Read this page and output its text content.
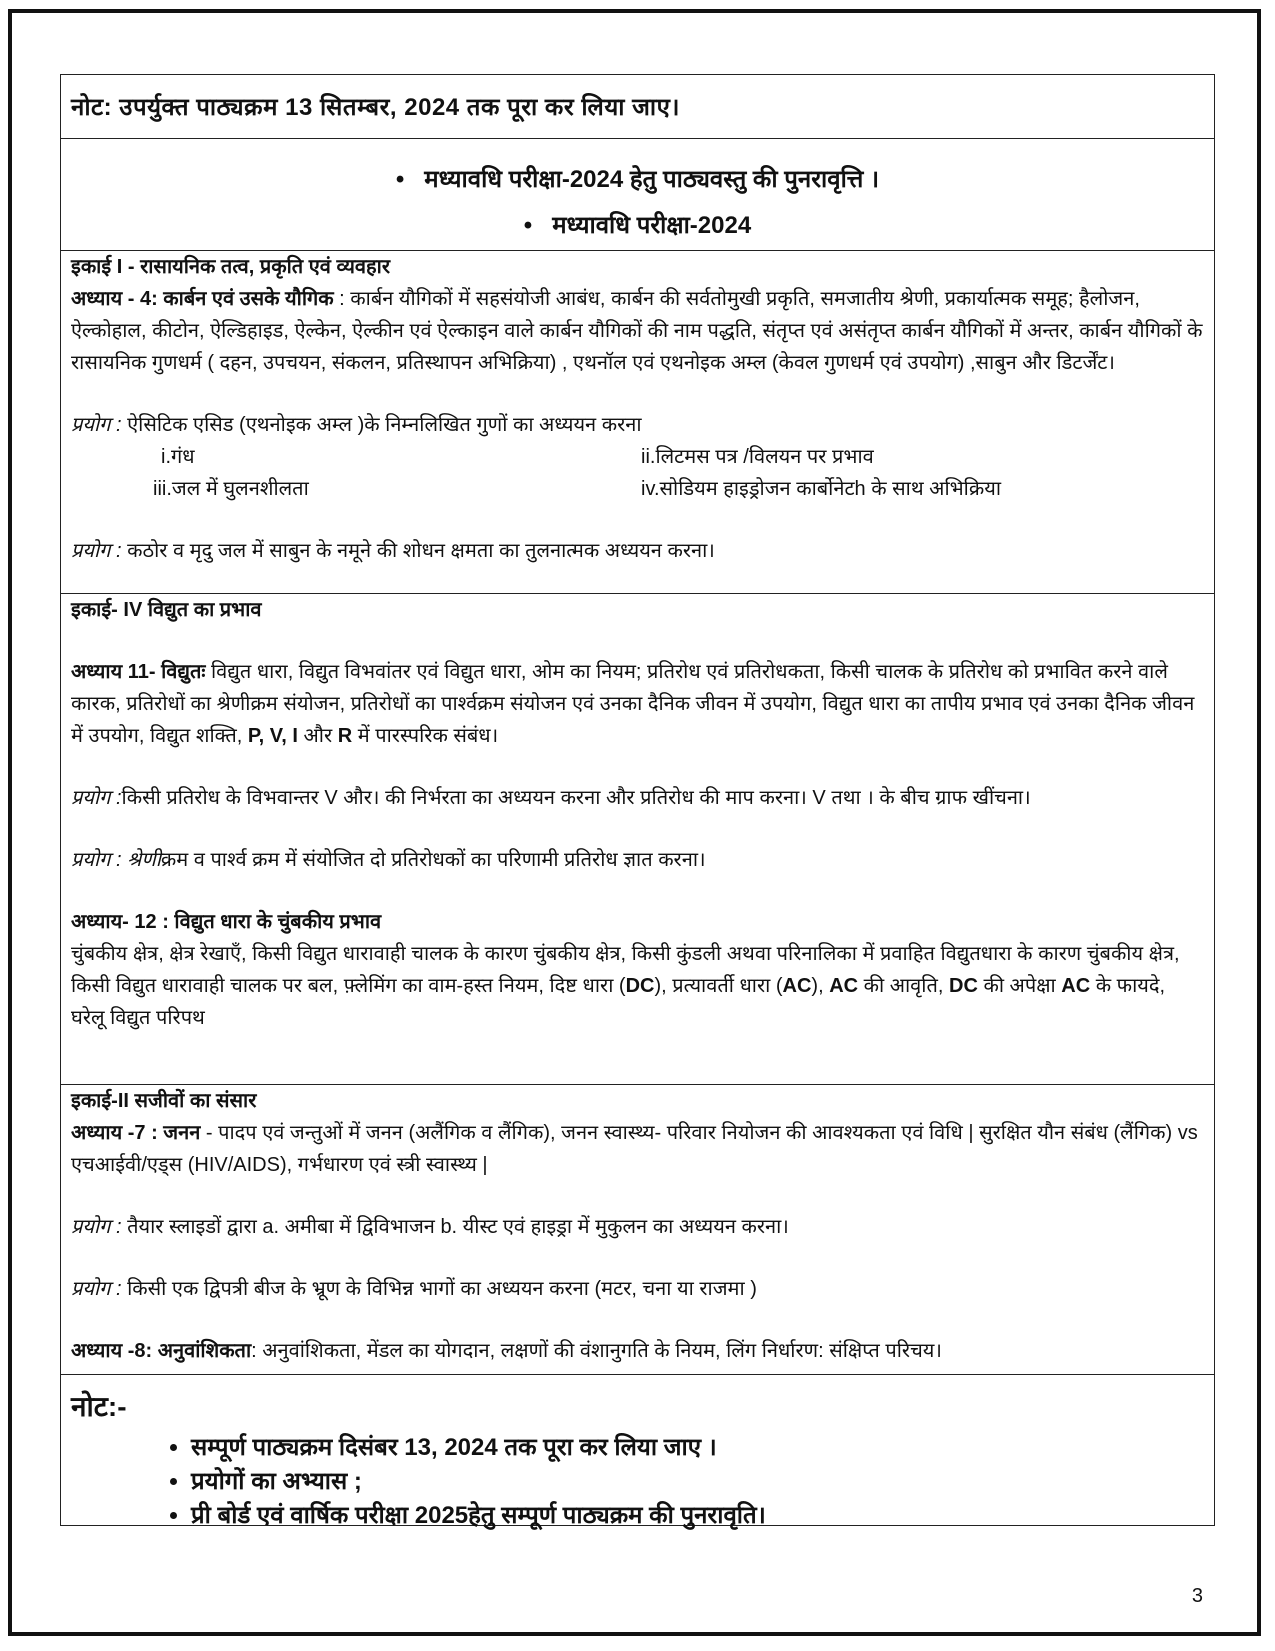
नोट: उपर्युक्त पाठ्यक्रम 13 सितम्बर, 2024 तक पूरा कर लिया जाए।
•   मध्यावधि परीक्षा-2024 हेतु पाठ्यवस्तु की पुनरावृत्ति ।
•   मध्यावधि परीक्षा-2024

इकाई I - रासायनिक तत्व, प्रकृति एवं व्यवहार

अध्याय - 4: कार्बन एवं उसके यौगिक : कार्बन यौगिकों में सहसंयोजी आबंध, कार्बन की सर्वतोमुखी प्रकृति, समजातीय श्रेणी, प्रकार्यात्मक समूह; हैलोजन, ऐल्कोहाल, कीटोन, ऐल्डिहाइड, ऐल्केन, ऐल्कीन एवं ऐल्काइन वाले कार्बन यौगिकों की नाम पद्धति, संतृप्त एवं असंतृप्त कार्बन यौगिकों में अन्तर, कार्बन यौगिकों के रासायनिक गुणधर्म ( दहन, उपचयन, संकलन, प्रतिस्थापन अभिक्रिया) , एथनॉल एवं एथनोइक अम्ल (केवल गुणधर्म एवं उपयोग) ,साबुन और डिटर्जेंट।

प्रयोग : ऐसिटिक एसिड (एथनोइक अम्ल )के निम्नलिखित गुणों का अध्ययन करना

i.गंध	ii.लिटमस पत्र /विलयन पर प्रभाव
iii.जल में घुलनशीलता	iv.सोडियम हाइड्रोजन कार्बोनेटh के साथ अभिक्रिया

प्रयोग : कठोर व मृदु जल में साबुन के नमूने की शोधन क्षमता का तुलनात्मक अध्ययन करना।

इकाई- IV विद्युत का प्रभाव

अध्याय 11- विद्युतः विद्युत धारा, विद्युत विभवांतर एवं विद्युत धारा, ओम का नियम; प्रतिरोध एवं प्रतिरोधकता, किसी चालक के प्रतिरोध को प्रभावित करने वाले कारक, प्रतिरोधों का श्रेणीक्रम संयोजन, प्रतिरोधों का पार्श्वक्रम संयोजन एवं उनका दैनिक जीवन में उपयोग, विद्युत धारा का तापीय प्रभाव एवं उनका दैनिक जीवन में उपयोग, विद्युत शक्ति, P, V, I और R में पारस्परिक संबंध।

प्रयोग :किसी प्रतिरोध के विभवान्तर V और। की निर्भरता का अध्ययन करना और प्रतिरोध की माप करना। V तथा । के बीच ग्राफ खींचना।

प्रयोग : श्रेणीक्रम व पार्श्व क्रम में संयोजित दो प्रतिरोधकों का परिणामी प्रतिरोध ज्ञात करना।

अध्याय- 12 : विद्युत धारा के चुंबकीय प्रभाव

चुंबकीय क्षेत्र, क्षेत्र रेखाएँ, किसी विद्युत धारावाही चालक के कारण चुंबकीय क्षेत्र, किसी कुंडली अथवा परिनालिका में प्रवाहित विद्युतधारा के कारण चुंबकीय क्षेत्र, किसी विद्युत धारावाही चालक पर बल, फ़्लेमिंग का वाम-हस्त नियम, दिष्ट धारा (DC), प्रत्यावर्ती धारा (AC), AC की आवृति, DC की अपेक्षा AC के फायदे, घरेलू विद्युत परिपथ

इकाई-II सजीवों का संसार

अध्याय -7 : जनन - पादप एवं जन्तुओं में जनन (अलैंगिक व लैंगिक), जनन स्वास्थ्य- परिवार नियोजन की आवश्यकता एवं विधि | सुरक्षित यौन संबंध (लैंगिक) vs एचआईवी/एड्स (HIV/AIDS), गर्भधारण एवं स्त्री स्वास्थ्य |

प्रयोग : तैयार स्लाइडों द्वारा a. अमीबा में द्विविभाजन b. यीस्ट एवं हाइड्रा में मुकुलन का अध्ययन करना।

प्रयोग : किसी एक द्विपत्री बीज के भ्रूण के विभिन्न भागों का अध्ययन करना (मटर, चना या राजमा )

अध्याय -8: अनुवांशिकता: अनुवांशिकता, मेंडल का योगदान, लक्षणों की वंशानुगति के नियम, लिंग निर्धारण: संक्षिप्त परिचय।

नोट:-
• सम्पूर्ण पाठ्यक्रम दिसंबर 13, 2024 तक पूरा कर लिया जाए ।
• प्रयोगों का अभ्यास ;
• प्री बोर्ड एवं वार्षिक परीक्षा 2025हेतु सम्पूर्ण पाठ्यक्रम की पुनरावृति।
3
